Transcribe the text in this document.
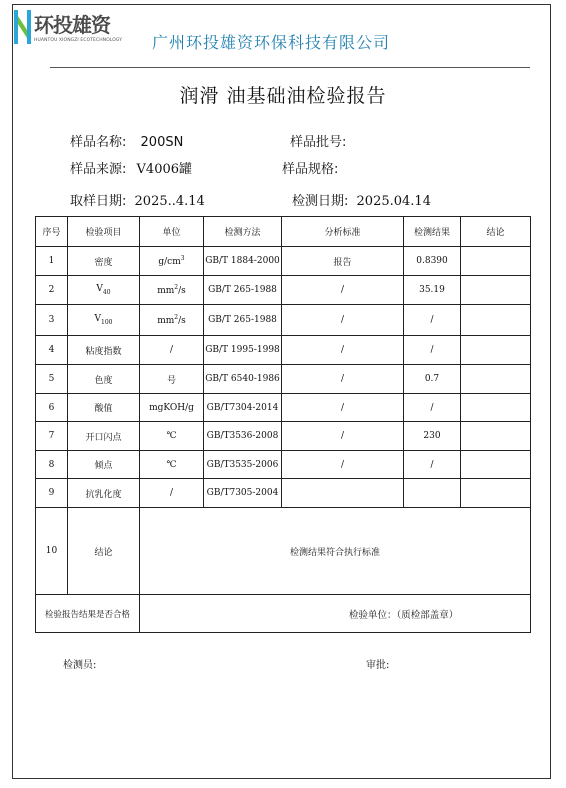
环投雄资
HUANTOU XIONGZI ECOTECHNOLOGY 广州环投雄资环保科技有限公司
润滑 油基础油检验报告
样品名称: 200SN	样品批号:
样品来源: V4006罐	样品规格:
取样日期: 2025..4.14	检测日期: 2025.04.14
序号	检验项目	单位	检测方法	分析标准	检测结果	结论
1	密度	$g/cm^3$	GB/T 1884-2000	报告	0.8390	
2	$V_{40}$	$mm^2/s$	GB/T 265-1988	/	35.19	
3	$V_{100}$	$mm^2/s$	GB/T 265-1988	/	/	
4	粘度指数	/	GB/T 1995-1998	/	/	
5	色度	号	GB/T 6540-1986	/	0.7	
6	酸值	mgKOH/g	GB/T7304-2014	/	/	
7	开口闪点	℃	GB/T3536-2008	/	230	
8	倾点	℃	GB/T3535-2006	/	/	
9	抗乳化度	/	GB/T7305-2004			
10	结论	检测结果符合执行标准				
检验报告结果是否合格		检验单位：（质检部盖章）				
检测员:	审批:
